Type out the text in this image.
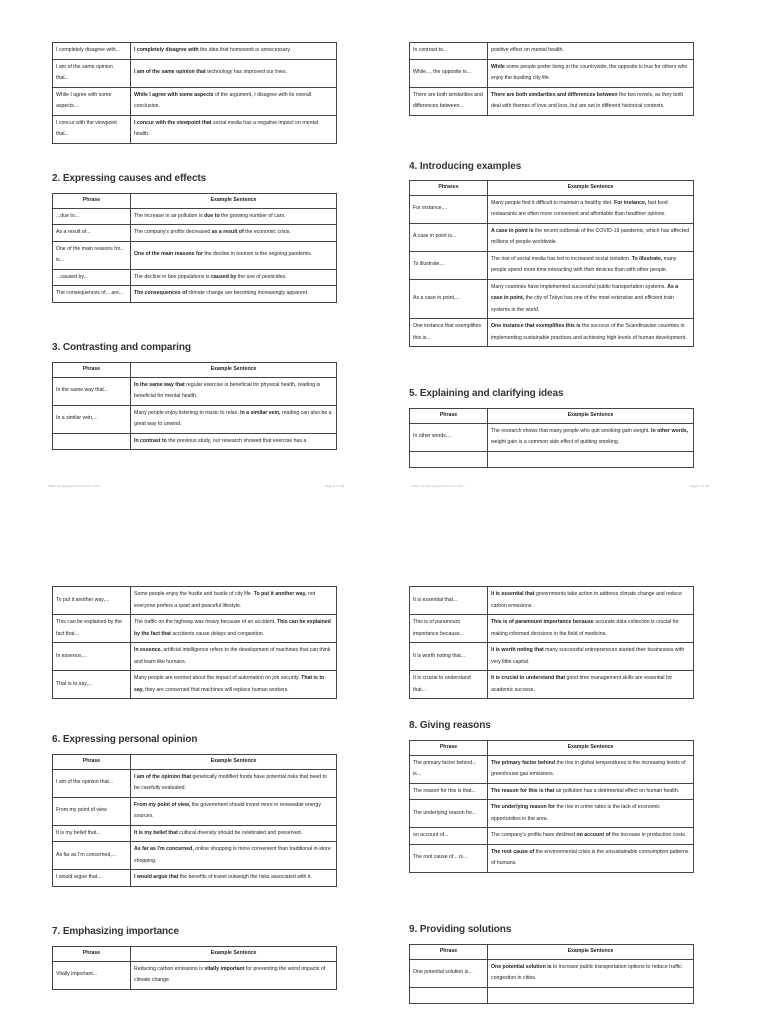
I completely disagree with...	I completely disagree with the idea that homework is unnecessary.
I am of the same opinion that...	I am of the same opinion that technology has improved our lives.
While I agree with some aspects...	While I agree with some aspects of the argument, I disagree with its overall conclusion.
I concur with the viewpoint that...	I concur with the viewpoint that social media has a negative impact on mental health.
2. Expressing causes and effects
Phrase	Example Sentence
...due to...	The increase in air pollution is due to the growing number of cars.
As a result of...	The company's profits decreased as a result of the economic crisis.
One of the main reasons for... is...	One of the main reasons for the decline in tourism is the ongoing pandemic.
...caused by...	The decline in bee populations is caused by the use of pesticides.
The consequences of... are...	The consequences of climate change are becoming increasingly apparent.
3. Contrasting and comparing
Phrase	Example Sentence
In the same way that...	In the same way that regular exercise is beneficial for physical health, reading is beneficial for mental health.
In a similar vein,...	Many people enjoy listening to music to relax. In a similar vein, reading can also be a great way to unwind.
	In contrast to the previous study, our research showed that exercise has a
In contrast to...	positive effect on mental health.
While..., the opposite is...	While some people prefer living in the countryside, the opposite is true for others who enjoy the bustling city life.
There are both similarities and differences between...	There are both similarities and differences between the two novels, as they both deal with themes of love and loss, but are set in different historical contexts.
4. Introducing examples
Phrases	Example Sentence
For instance,...	Many people find it difficult to maintain a healthy diet. For instance, fast food restaurants are often more convenient and affordable than healthier options.
A case in point is...	A case in point is the recent outbreak of the COVID-19 pandemic, which has affected millions of people worldwide.
To illustrate,...	The rise of social media has led to increased social isolation. To illustrate, many people spend more time interacting with their devices than with other people.
As a case in point,...	Many countries have implemented successful public transportation systems. As a case in point, the city of Tokyo has one of the most extensive and efficient train systems in the world.
One instance that exemplifies this is...	One instance that exemplifies this is the success of the Scandinavian countries in implementing sustainable practices and achieving high levels of human development.
5. Explaining and clarifying ideas
Phrase	Example Sentence
In other words,...	The research shows that many people who quit smoking gain weight. In other words, weight gain is a common side effect of quitting smoking.

https://englishgrammarhere.com/...	Page 2 of 38	https://englishgrammarhere.com/...	Page 2 of 38
To put it another way,...	Some people enjoy the hustle and bustle of city life. To put it another way, not everyone prefers a quiet and peaceful lifestyle.
This can be explained by the fact that...	The traffic on the highway was heavy because of an accident. This can be explained by the fact that accidents cause delays and congestion.
In essence,...	In essence, artificial intelligence refers to the development of machines that can think and learn like humans.
That is to say,...	Many people are worried about the impact of automation on job security. That is to say, they are concerned that machines will replace human workers.
6. Expressing personal opinion
Phrase	Example Sentence
I am of the opinion that...	I am of the opinion that genetically modified foods have potential risks that need to be carefully evaluated.
From my point of view	From my point of view, the government should invest more in renewable energy sources.
It is my belief that...	It is my belief that cultural diversity should be celebrated and preserved.
As far as I'm concerned,...	As far as I'm concerned, online shopping is more convenient than traditional in-store shopping.
I would argue that...	I would argue that the benefits of travel outweigh the risks associated with it.
7. Emphasizing importance
Phrase	Example Sentence
Vitally important...	Reducing carbon emissions is vitally important for preventing the worst impacts of climate change.
It is essential that...	It is essential that governments take action to address climate change and reduce carbon emissions.
This is of paramount importance because...	This is of paramount importance because accurate data collection is crucial for making informed decisions in the field of medicine.
It is worth noting that...	It is worth noting that many successful entrepreneurs started their businesses with very little capital.
It is crucial to understand that...	It is crucial to understand that good time management skills are essential for academic success.
8. Giving reasons
Phrase	Example Sentence
The primary factor behind... is...	The primary factor behind the rise in global temperatures is the increasing levels of greenhouse gas emissions.
The reason for this is that...	The reason for this is that air pollution has a detrimental effect on human health.
The underlying reason for...	The underlying reason for the rise in crime rates is the lack of economic opportunities in the area.
on account of...	The company's profits have declined on account of the increase in production costs.
The root cause of... is...	The root cause of the environmental crisis is the unsustainable consumption patterns of humans.
9. Providing solutions
Phrase	Example Sentence
One potential solution is...	One potential solution is to increase public transportation options to reduce traffic congestion in cities.
